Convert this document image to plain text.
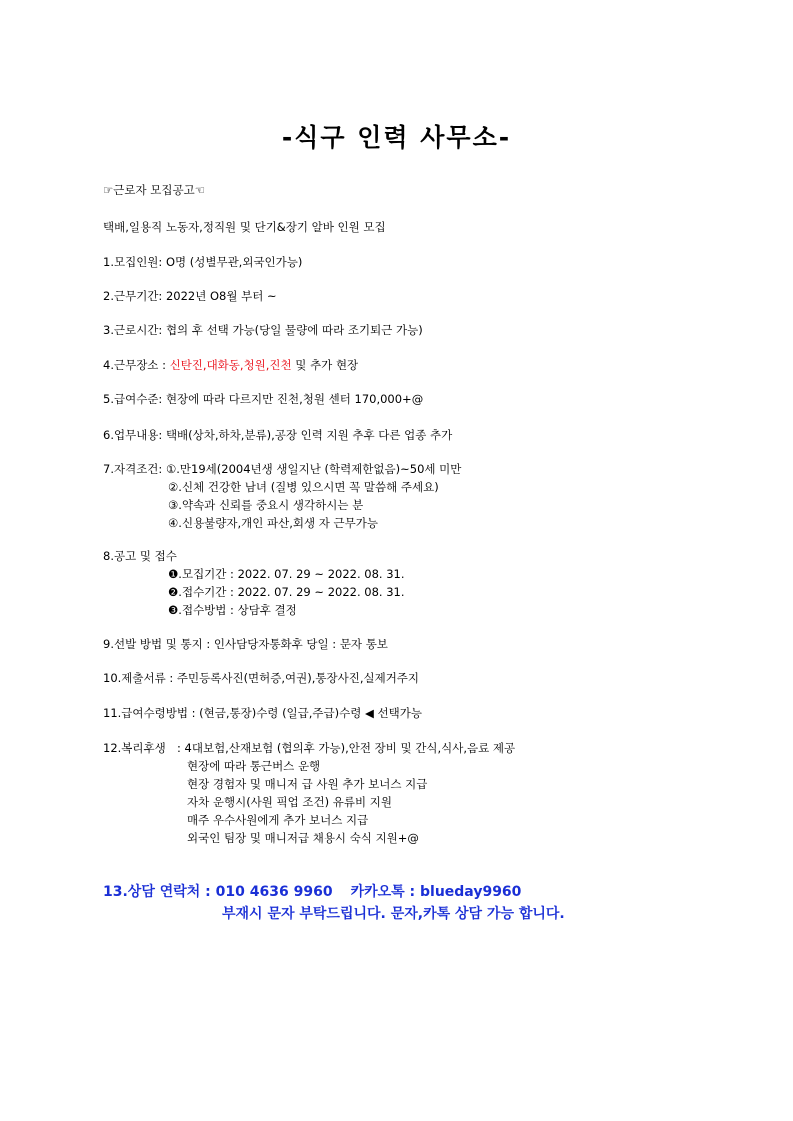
-식구 인력 사무소-
☞근로자 모집공고☜
택배,일용직 노동자,정직원 및 단기&장기 알바 인원 모집
1.모집인원: O명 (성별무관,외국인가능)
2.근무기간: 2022년 O8월 부터 ~
3.근로시간: 협의 후 선택 가능(당일 물량에 따라 조기퇴근 가능)
4.근무장소 : 신탄진,대화동,청원,진천 및 추가 현장
5.급여수준: 현장에 따라 다르지만 진천,청원 센터 170,000+@
6.업무내용: 택배(상차,하차,분류),공장 인력 지원 추후 다른 업종 추가
7.자격조건: ①.만19세(2004년생 생일지난 (학력제한없음)~50세 미만
②.신체 건강한 남녀 (질병 있으시면 꼭 말씀해 주세요)
③.약속과 신뢰를 중요시 생각하시는 분
④.신용불량자,개인 파산,회생 자 근무가능
8.공고 및 접수
❶.모집기간 : 2022. 07. 29 ~ 2022. 08. 31.
❷.접수기간 : 2022. 07. 29 ~ 2022. 08. 31.
❸.접수방법 : 상담후 결정
9.선발 방법 및 통지 : 인사담당자통화후 당일 : 문자 통보
10.제출서류 : 주민등록사진(면허증,여권),통장사진,실제거주지
11.급여수령방법 : (현금,통장)수령 (일급,주급)수령 ◀ 선택가능
12.복리후생 : 4대보험,산재보험 (협의후 가능),안전 장비 및 간식,식사,음료 제공
현장에 따라 통근버스 운행
현장 경험자 및 매니저 급 사원 추가 보너스 지급
자차 운행시(사원 픽업 조건) 유류비 지원
매주 우수사원에게 추가 보너스 지급
외국인 팀장 및 매니저급 채용시 숙식 지원+@
13.상담 연락처 : 010 4636 9960 카카오톡 : blueday9960
부재시 문자 부탁드립니다. 문자,카톡 상담 가능 합니다.
